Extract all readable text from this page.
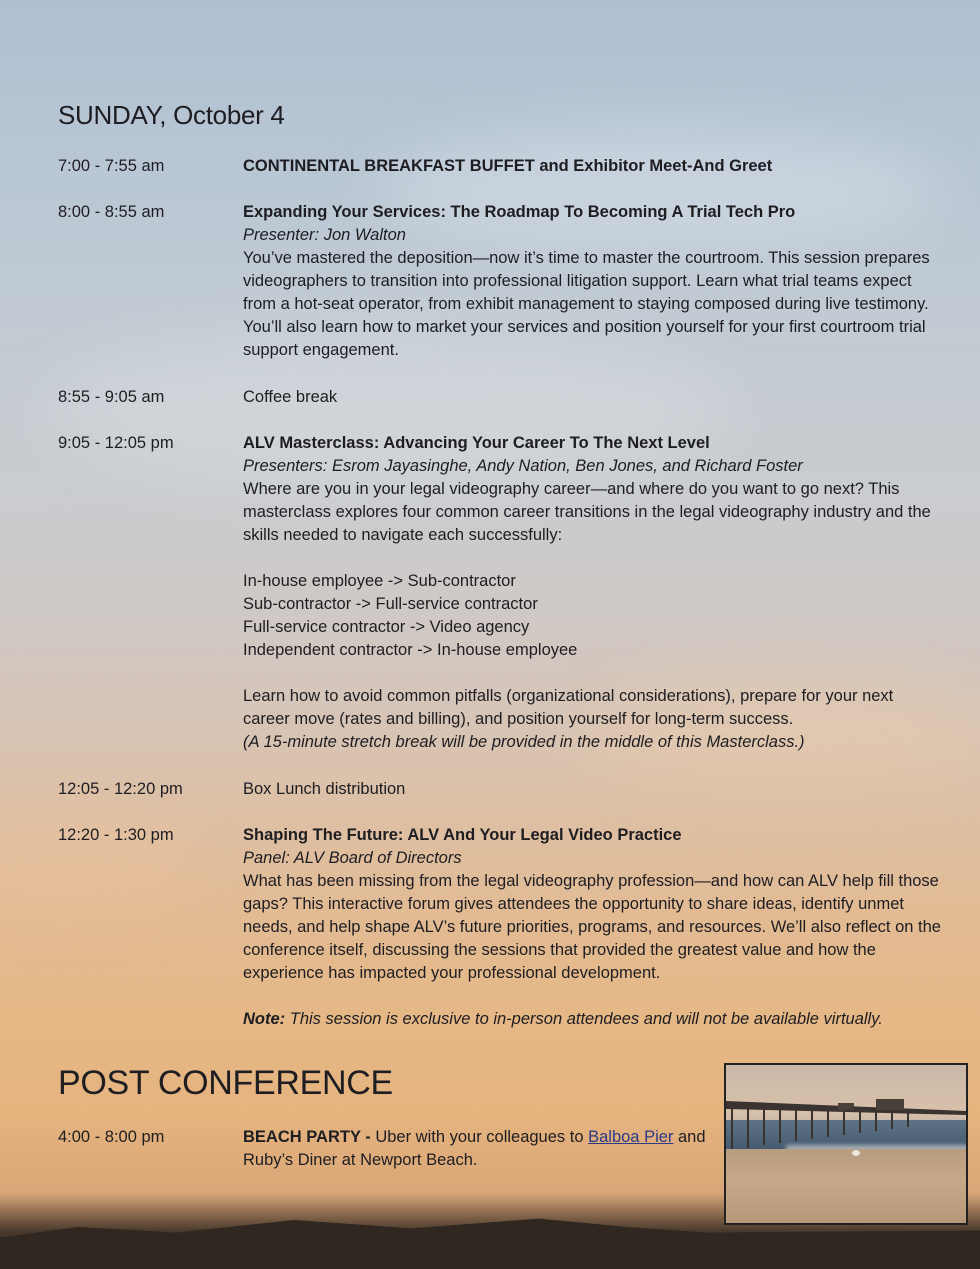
SUNDAY, October 4
7:00 - 7:55 am	CONTINENTAL BREAKFAST BUFFET and Exhibitor Meet-And Greet

8:00 - 8:55 am	Expanding Your Services: The Roadmap To Becoming A Trial Tech Pro

Presenter: Jon Walton

You’ve mastered the deposition—now it’s time to master the courtroom. This session prepares videographers to transition into professional litigation support. Learn what trial teams expect from a hot-seat operator, from exhibit management to staying composed during live testimony. You’ll also learn how to market your services and position yourself for your first courtroom trial support engagement.

8:55 - 9:05 am	Coffee break

9:05 - 12:05 pm	ALV Masterclass: Advancing Your Career To The Next Level

Presenters: Esrom Jayasinghe, Andy Nation, Ben Jones, and Richard Foster

Where are you in your legal videography career—and where do you want to go next? This masterclass explores four common career transitions in the legal videography industry and the skills needed to navigate each successfully:

In-house employee -> Sub-contractor

Sub-contractor -> Full-service contractor

Full-service contractor -> Video agency

Independent contractor -> In-house employee

Learn how to avoid common pitfalls (organizational considerations), prepare for your next career move (rates and billing), and position yourself for long-term success.

(A 15-minute stretch break will be provided in the middle of this Masterclass.)

12:05 - 12:20 pm	Box Lunch distribution

12:20 - 1:30 pm	Shaping The Future: ALV And Your Legal Video Practice

Panel: ALV Board of Directors

What has been missing from the legal videography profession—and how can ALV help fill those gaps? This interactive forum gives attendees the opportunity to share ideas, identify unmet needs, and help shape ALV’s future priorities, programs, and resources. We’ll also reflect on the conference itself, discussing the sessions that provided the greatest value and how the experience has impacted your professional development.

Note: This session is exclusive to in-person attendees and will not be available virtually.

POST CONFERENCE
4:00 - 8:00 pm	BEACH PARTY - Uber with your colleagues to Balboa Pier and Ruby’s Diner at Newport Beach.
